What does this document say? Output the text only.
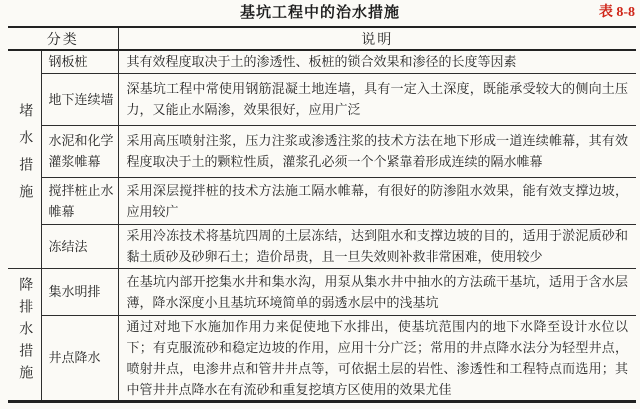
基坑工程中的治水措施	表 8-8
分类		说明
堵水措施	钢板桩	其有效程度取决于土的渗透性、板桩的锁合效果和渗径的长度等因素
	地下连续墙	深基坑工程中常使用钢筋混凝土地连墙，具有一定入土深度，既能承受较大的侧向土压力，又能止水隔渗，效果很好，应用广泛
	水泥和化学灌浆帷幕	采用高压喷射注浆，压力注浆或渗透注浆的技术方法在地下形成一道连续帷幕，其有效程度取决于土的颗粒性质，灌浆孔必须一个个紧靠着形成连续的隔水帷幕
	搅拌桩止水帷幕	采用深层搅拌桩的技术方法施工隔水帷幕，有很好的防渗阻水效果，能有效支撑边坡，应用较广
	冻结法	采用冷冻技术将基坑四周的土层冻结，达到阻水和支撑边坡的目的，适用于淤泥质砂和黏土质砂及砂卵石土；造价昂贵，且一旦失效则补救非常困难，使用较少
降排水措施	集水明排	在基坑内部开挖集水井和集水沟，用泵从集水井中抽水的方法疏干基坑，适用于含水层薄，降水深度小且基坑环境简单的弱透水层中的浅基坑
	井点降水	通过对地下水施加作用力来促使地下水排出，使基坑范围内的地下水降至设计水位以下；有克服流砂和稳定边坡的作用，应用十分广泛；常用的井点降水法分为轻型井点，喷射井点，电渗井点和管井井点等，可依据土层的岩性、渗透性和工程特点而选用；其中管井井点降水在有流砂和重复挖填方区使用的效果尤佳
